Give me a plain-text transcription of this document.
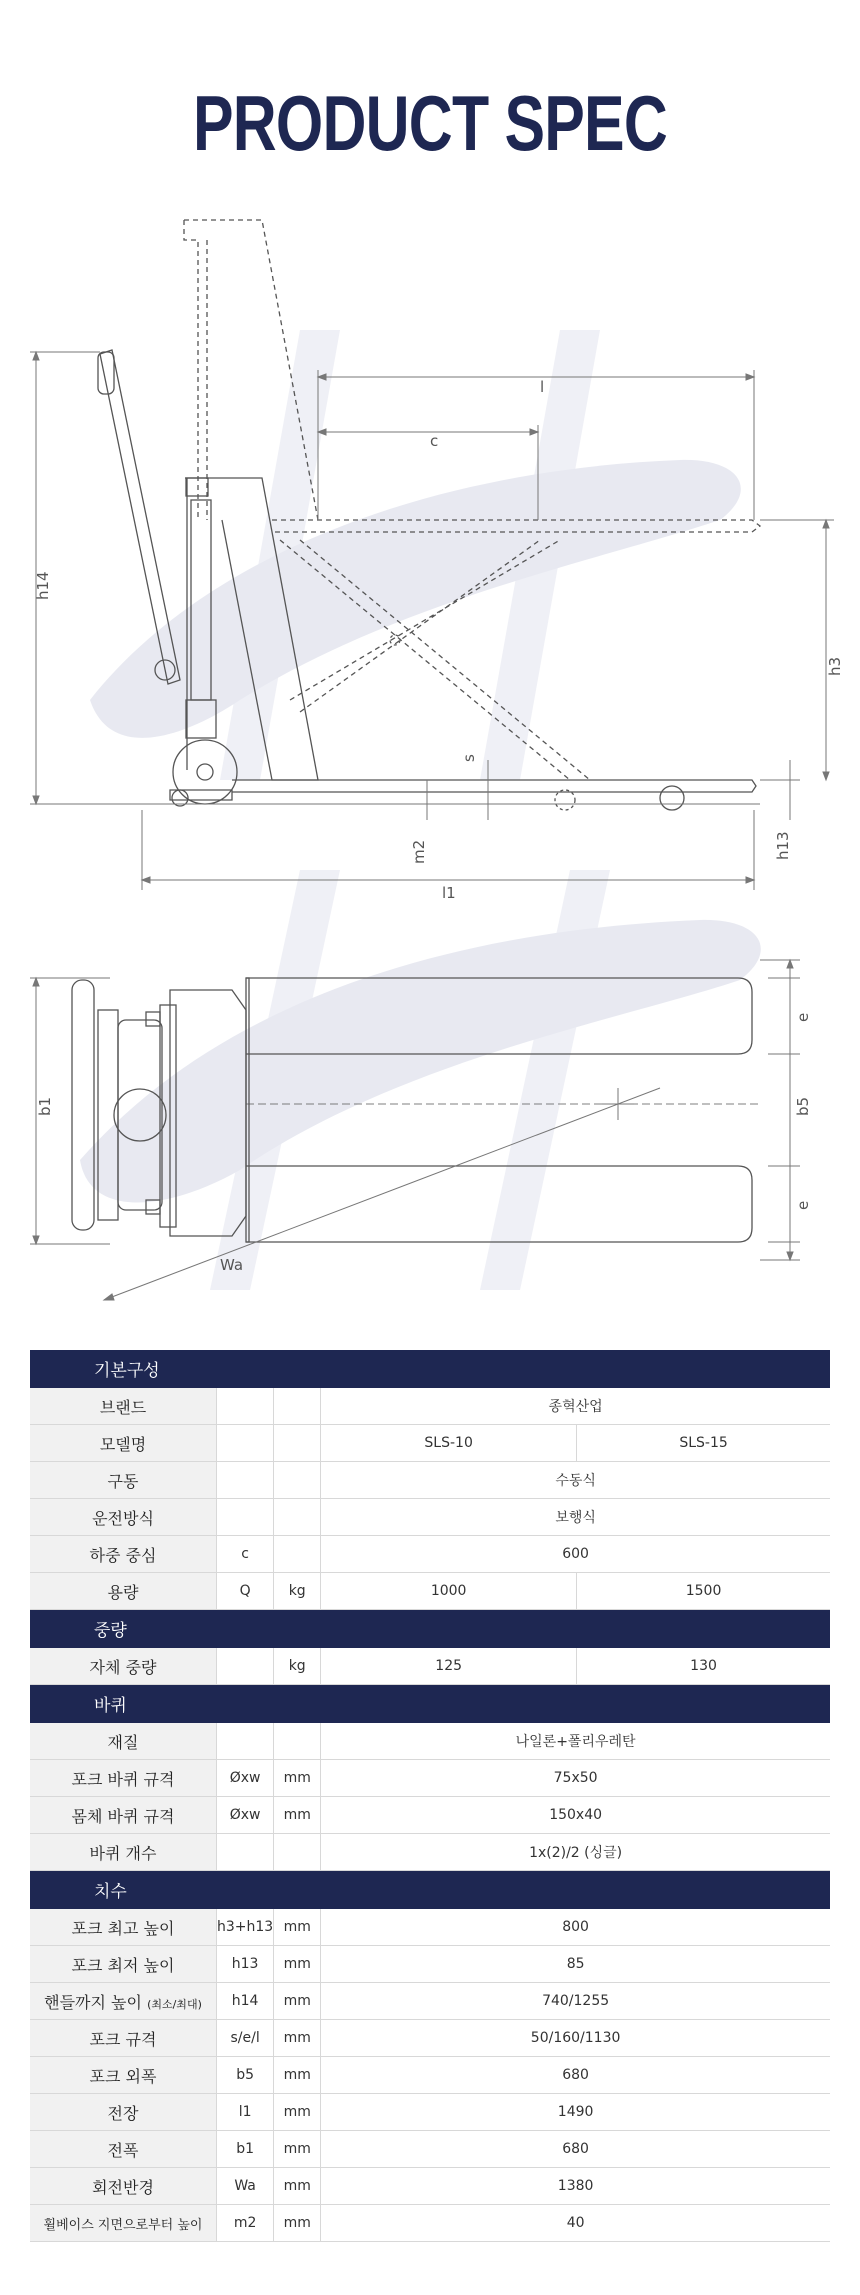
PRODUCT SPEC
l
c
h14
h3
s
m2	h13
l1
b1	b5
e
e
Wa
기본구성				
브랜드			종혁산업	
모델명			SLS-10	SLS-15
구동			수동식	
운전방식			보행식	
하중 중심	c		600	
용량	Q	kg	1000	1500
중량				
자체 중량		kg	125	130
바퀴				
재질			나일론+폴리우레탄	
포크 바퀴 규격	Øxw	mm	75x50	
몸체 바퀴 규격	Øxw	mm	150x40	
바퀴 개수			1x(2)/2 (싱글)	
치수				
포크 최고 높이	h3+h13	mm	800	
포크 최저 높이	h13	mm	85	
핸들까지 높이 (최소/최대)	h14	mm	740/1255	
포크 규격	s/e/l	mm	50/160/1130	
포크 외폭	b5	mm	680	
전장	l1	mm	1490	
전폭	b1	mm	680	
회전반경	Wa	mm	1380	
휠베이스 지면으로부터 높이	m2	mm	40	
